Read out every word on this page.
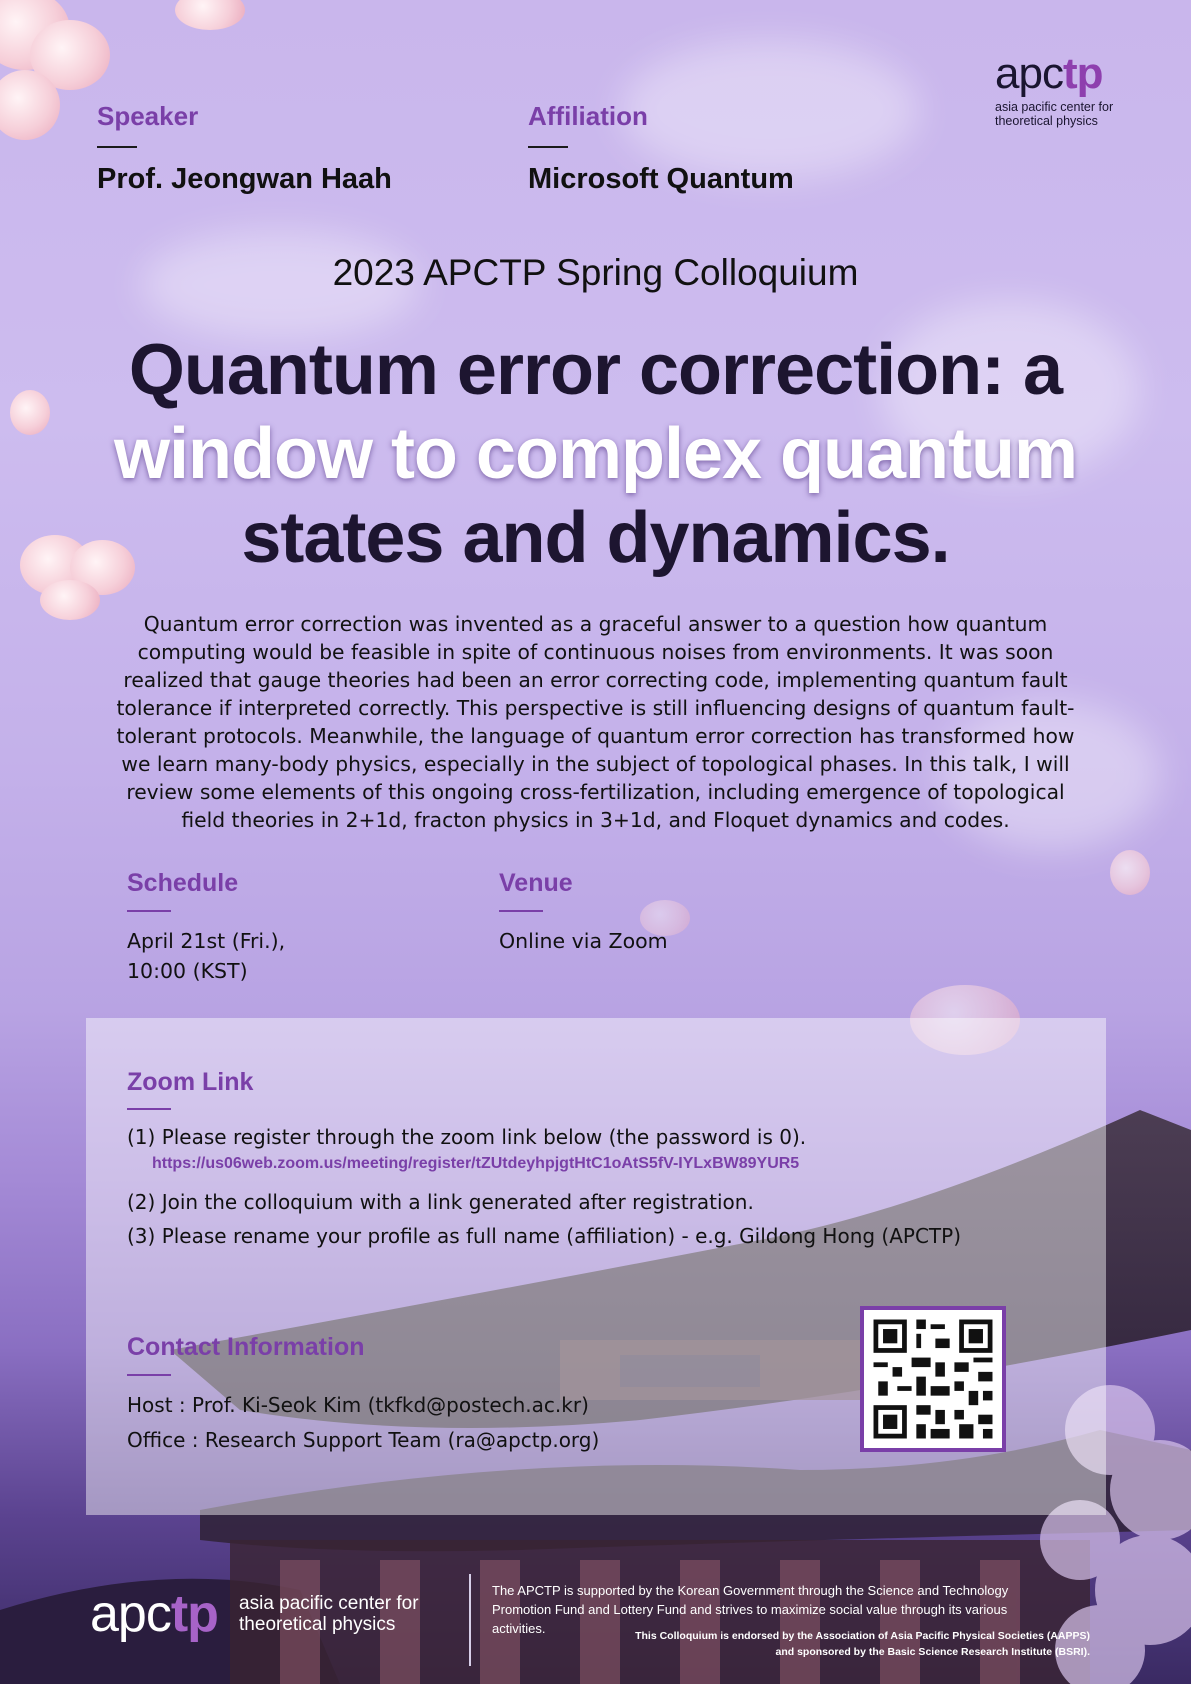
apctp
asia pacific center for
theoretical physics
Speaker
Prof. Jeongwan Haah
Affiliation
Microsoft Quantum
2023 APCTP Spring Colloquium
Quantum error correction: a
window to complex quantum
states and dynamics.
Quantum error correction was invented as a graceful answer to a question how quantum
computing would be feasible in spite of continuous noises from environments. It was soon
realized that gauge theories had been an error correcting code, implementing quantum fault
tolerance if interpreted correctly. This perspective is still influencing designs of quantum fault-
tolerant protocols. Meanwhile, the language of quantum error correction has transformed how
we learn many-body physics, especially in the subject of topological phases. In this talk, I will
review some elements of this ongoing cross-fertilization, including emergence of topological
field theories in 2+1d, fracton physics in 3+1d, and Floquet dynamics and codes.
Schedule
April 21st (Fri.),
10:00 (KST)
Venue
Online via Zoom
Zoom Link
(1) Please register through the zoom link below (the password is 0).
https://us06web.zoom.us/meeting/register/tZUtdeyhpjgtHtC1oAtS5fV-IYLxBW89YUR5
(2) Join the colloquium with a link generated after registration.
(3) Please rename your profile as full name (affiliation) - e.g. Gildong Hong (APCTP)
Contact Information
Host : Prof. Ki-Seok Kim (tkfkd@postech.ac.kr)
Office : Research Support Team (ra@apctp.org)
apctp asia pacific center for
theoretical physics
The APCTP is supported by the Korean Government through the Science and Technology
Promotion Fund and Lottery Fund and strives to maximize social value through its various
activities.	This Colloquium is endorsed by the Association of Asia Pacific Physical Societies (AAPPS)
and sponsored by the Basic Science Research Institute (BSRI).
